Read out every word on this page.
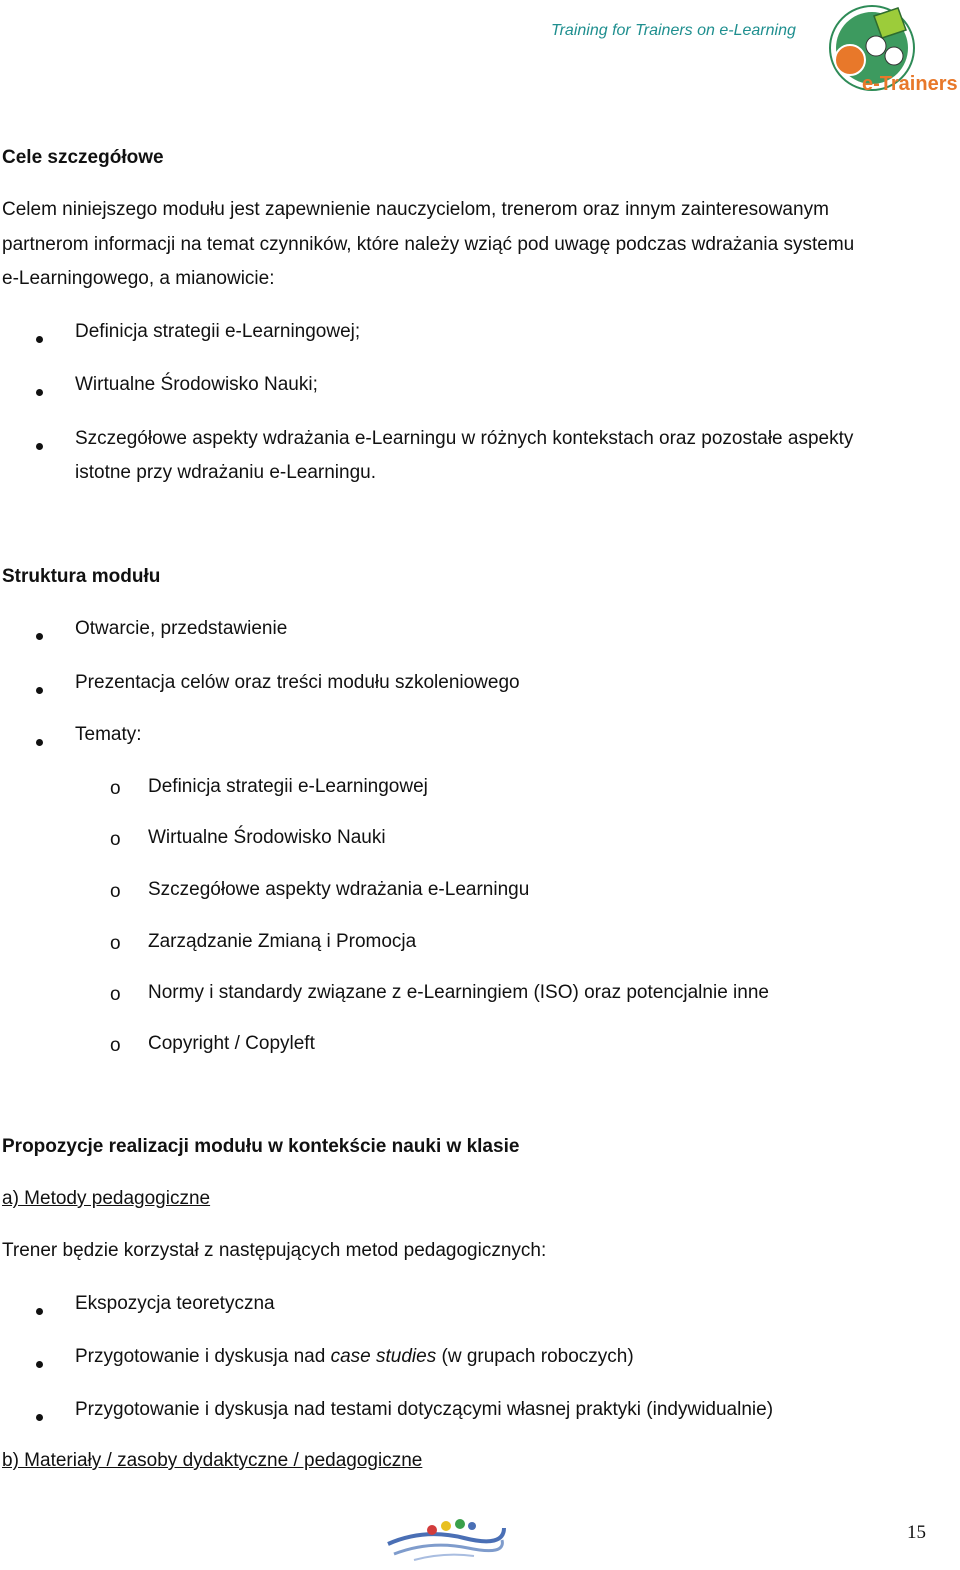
Training for Trainers on e-Learning
e-Trainers
Cele szczegółowe
Celem niniejszego modułu jest zapewnienie nauczycielom, trenerom oraz innym zainteresowanym
partnerom informacji na temat czynników, które należy wziąć pod uwagę podczas wdrażania systemu
e-Learningowego, a mianowicie:
Definicja strategii e-Learningowej;
Wirtualne Środowisko Nauki;
Szczegółowe aspekty wdrażania e-Learningu w różnych kontekstach oraz pozostałe aspekty
istotne przy wdrażaniu e-Learningu.
Struktura modułu
Otwarcie, przedstawienie
Prezentacja celów oraz treści modułu szkoleniowego
Tematy:
o Definicja strategii e-Learningowej
o Wirtualne Środowisko Nauki
o Szczegółowe aspekty wdrażania e-Learningu
o Zarządzanie Zmianą i Promocja
o Normy i standardy związane z e-Learningiem (ISO) oraz potencjalnie inne
o Copyright / Copyleft
Propozycje realizacji modułu w kontekście nauki w klasie
a) Metody pedagogiczne
Trener będzie korzystał z następujących metod pedagogicznych:
Ekspozycja teoretyczna
Przygotowanie i dyskusja nad case studies (w grupach roboczych)
Przygotowanie i dyskusja nad testami dotyczącymi własnej praktyki (indywidualnie)
b) Materiały / zasoby dydaktyczne / pedagogiczne
15
